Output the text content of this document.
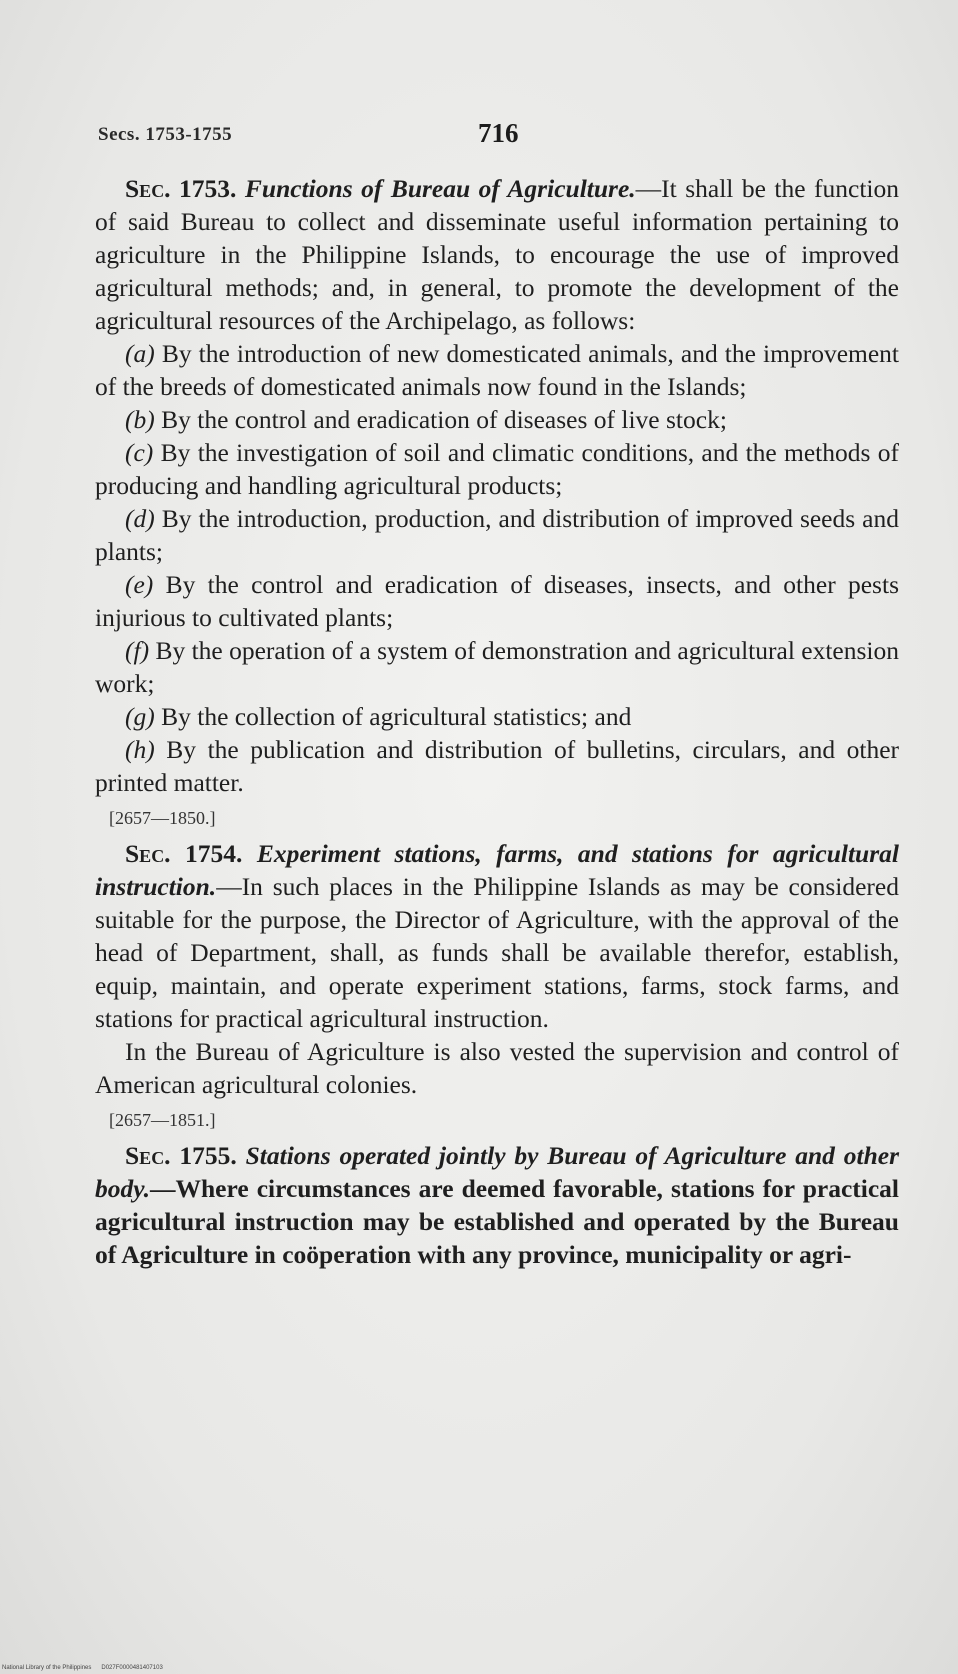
Secs. 1753-1755	716

Sec. 1753. Functions of Bureau of Agriculture.—It shall be the function of said Bureau to collect and disseminate useful information pertaining to agriculture in the Philippine Islands, to encourage the use of improved agricultural methods; and, in general, to promote the development of the agricultural resources of the Archipelago, as follows:

(a) By the introduction of new domesticated animals, and the improvement of the breeds of domesticated animals now found in the Islands;

(b) By the control and eradication of diseases of live stock;

(c) By the investigation of soil and climatic conditions, and the methods of producing and handling agricultural products;

(d) By the introduction, production, and distribution of improved seeds and plants;

(e) By the control and eradication of diseases, insects, and other pests injurious to cultivated plants;

(f) By the operation of a system of demonstration and agricultural extension work;

(g) By the collection of agricultural statistics; and

(h) By the publication and distribution of bulletins, circulars, and other printed matter.

[2657—1850.]

Sec. 1754. Experiment stations, farms, and stations for agricultural instruction.—In such places in the Philippine Islands as may be considered suitable for the purpose, the Director of Agriculture, with the approval of the head of Department, shall, as funds shall be available therefor, establish, equip, maintain, and operate experiment stations, farms, stock farms, and stations for practical agricultural instruction.

In the Bureau of Agriculture is also vested the supervision and control of American agricultural colonies.

[2657—1851.]

Sec. 1755. Stations operated jointly by Bureau of Agriculture and other body.—Where circumstances are deemed favorable, stations for practical agricultural instruction may be established and operated by the Bureau of Agriculture in coöperation with any province, municipality or agri-

National Library of the Philippines D027F0000481407103
